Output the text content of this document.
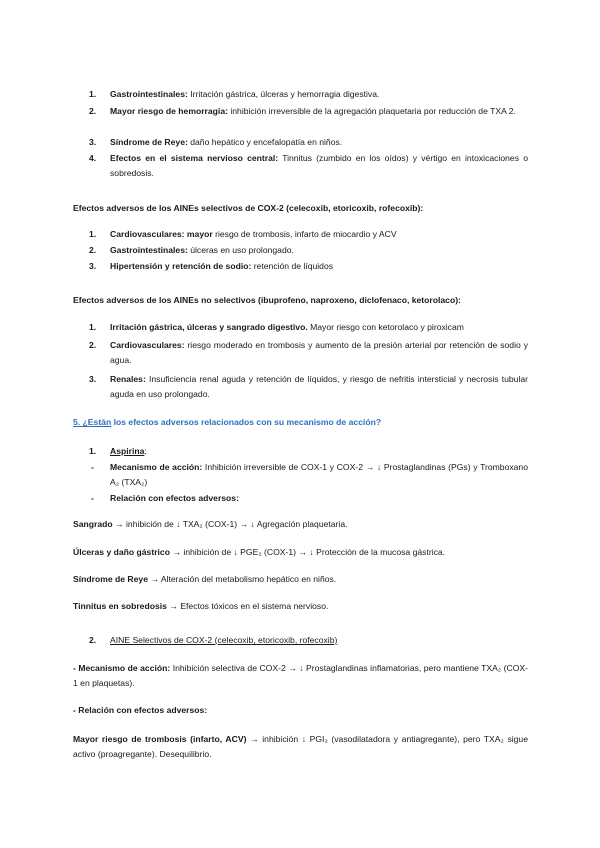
1. Gastrointestinales: Irritación gástrica, úlceras y hemorragia digestiva.
2. Mayor riesgo de hemorragia: inhibición irreversible de la agregación plaquetaria por reducción de TXA 2.
3. Síndrome de Reye: daño hepático y encefalopatía en niños.
4. Efectos en el sistema nervioso central: Tinnitus (zumbido en los oídos) y vértigo en intoxicaciones o sobredosis.
Efectos adversos de los AINEs selectivos de COX-2 (celecoxib, etoricoxib, rofecoxib):
1. Cardiovasculares: mayor riesgo de trombosis, infarto de miocardio y ACV
2. Gastrointestinales: úlceras en uso prolongado.
3. Hipertensión y retención de sodio: retención de líquidos
Efectos adversos de los AINEs no selectivos (ibuprofeno, naproxeno, diclofenaco, ketorolaco):
1. Irritación gástrica, úlceras y sangrado digestivo. Mayor riesgo con ketorolaco y piroxicam
2. Cardiovasculares: riesgo moderado en trombosis y aumento de la presión arterial por retención de sodio y agua.
3. Renales: Insuficiencia renal aguda y retención de líquidos, y riesgo de nefritis intersticial y necrosis tubular aguda en uso prolongado.
5. ¿Están los efectos adversos relacionados con su mecanismo de acción?
1. Aspirina:
- Mecanismo de acción: Inhibición irreversible de COX-1 y COX-2 → ↓ Prostaglandinas (PGs) y Tromboxano A₂ (TXA₂)
- Relación con efectos adversos:
Sangrado → inhibición de ↓ TXA₂ (COX-1) → ↓ Agregación plaquetaria.
Úlceras y daño gástrico → inhibición de ↓ PGE₂ (COX-1) → ↓ Protección de la mucosa gástrica.
Síndrome de Reye → Alteración del metabolismo hepático en niños.
Tinnitus en sobredosis → Efectos tóxicos en el sistema nervioso.
2. AINE Selectivos de COX-2 (celecoxib, etoricoxib, rofecoxib)
- Mecanismo de acción: Inhibición selectiva de COX-2 → ↓ Prostaglandinas inflamatorias, pero mantiene TXA₂ (COX-1 en plaquetas).
- Relación con efectos adversos:
Mayor riesgo de trombosis (infarto, ACV) → inhibición ↓ PGI₂ (vasodilatadora y antiagregante), pero TXA₂ sigue activo (proagregante). Desequilibrio.
